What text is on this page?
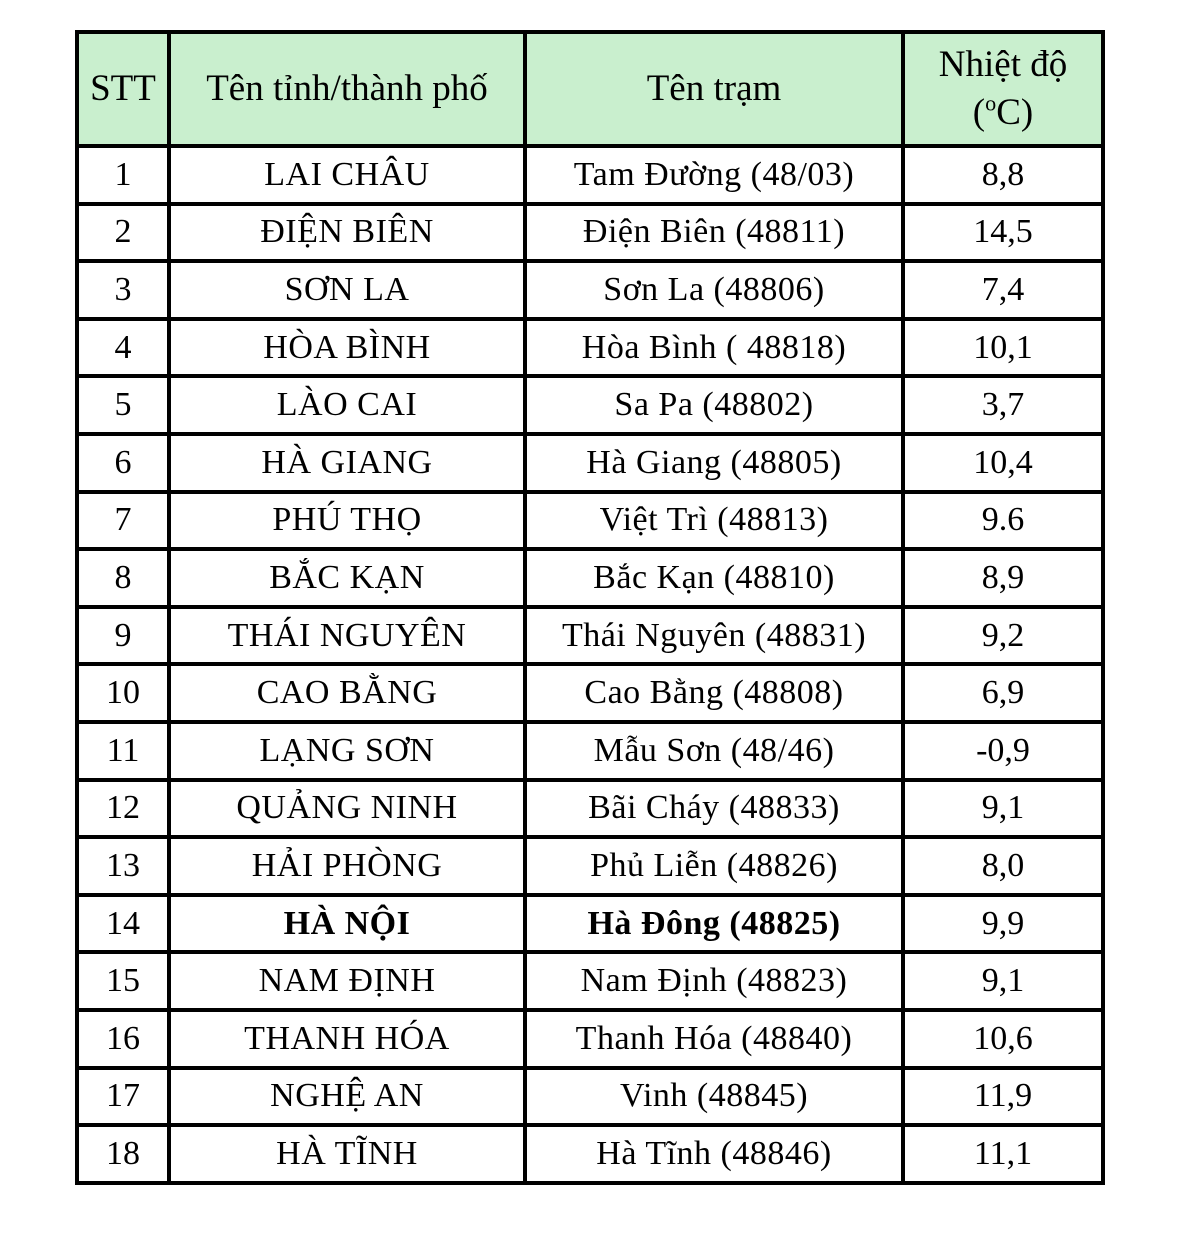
STT	Tên tỉnh/thành phố	Tên trạm	Nhiệt độ
($^o$C)
1	LAI CHÂU	Tam Đường (48/03)	8,8
2	ĐIỆN BIÊN	Điện Biên (48811)	14,5
3	SƠN LA	Sơn La (48806)	7,4
4	HÒA BÌNH	Hòa Bình ( 48818)	10,1
5	LÀO CAI	Sa Pa (48802)	3,7
6	HÀ GIANG	Hà Giang (48805)	10,4
7	PHÚ THỌ	Việt Trì (48813)	9.6
8	BẮC KẠN	Bắc Kạn (48810)	8,9
9	THÁI NGUYÊN	Thái Nguyên (48831)	9,2
10	CAO BẰNG	Cao Bằng (48808)	6,9
11	LẠNG SƠN	Mẫu Sơn (48/46)	-0,9
12	QUẢNG NINH	Bãi Cháy (48833)	9,1
13	HẢI PHÒNG	Phủ Liễn (48826)	8,0
14	HÀ NỘI	Hà Đông (48825)	9,9
15	NAM ĐỊNH	Nam Định (48823)	9,1
16	THANH HÓA	Thanh Hóa (48840)	10,6
17	NGHỆ AN	Vinh (48845)	11,9
18	HÀ TĨNH	Hà Tĩnh (48846)	11,1
